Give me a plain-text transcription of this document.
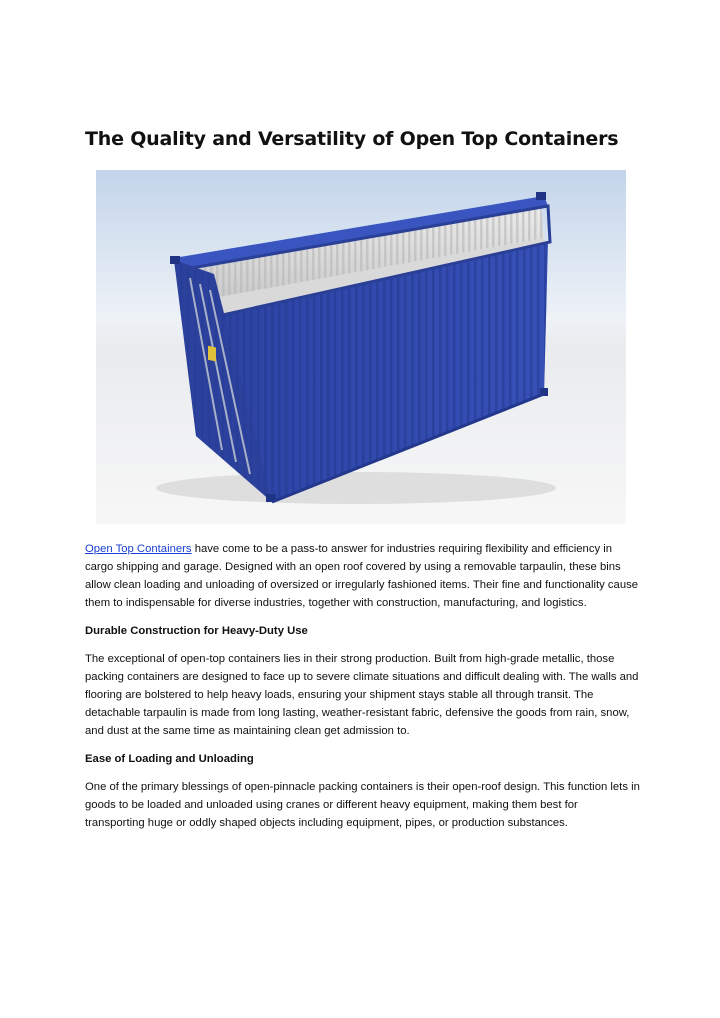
The Quality and Versatility of Open Top Containers

Open Top Containers have come to be a pass-to answer for industries requiring flexibility and efficiency in cargo shipping and garage. Designed with an open roof covered by using a removable tarpaulin, these bins allow clean loading and unloading of oversized or irregularly fashioned items. Their fine and functionality cause them to indispensable for diverse industries, together with construction, manufacturing, and logistics.

Durable Construction for Heavy-Duty Use

The exceptional of open-top containers lies in their strong production. Built from high-grade metallic, those packing containers are designed to face up to severe climate situations and difficult dealing with. The walls and flooring are bolstered to help heavy loads, ensuring your shipment stays stable all through transit. The detachable tarpaulin is made from long lasting, weather-resistant fabric, defensive the goods from rain, snow, and dust at the same time as maintaining clean get admission to.

Ease of Loading and Unloading

One of the primary blessings of open-pinnacle packing containers is their open-roof design. This function lets in goods to be loaded and unloaded using cranes or different heavy equipment, making them best for transporting huge or oddly shaped objects including equipment, pipes, or production substances.
